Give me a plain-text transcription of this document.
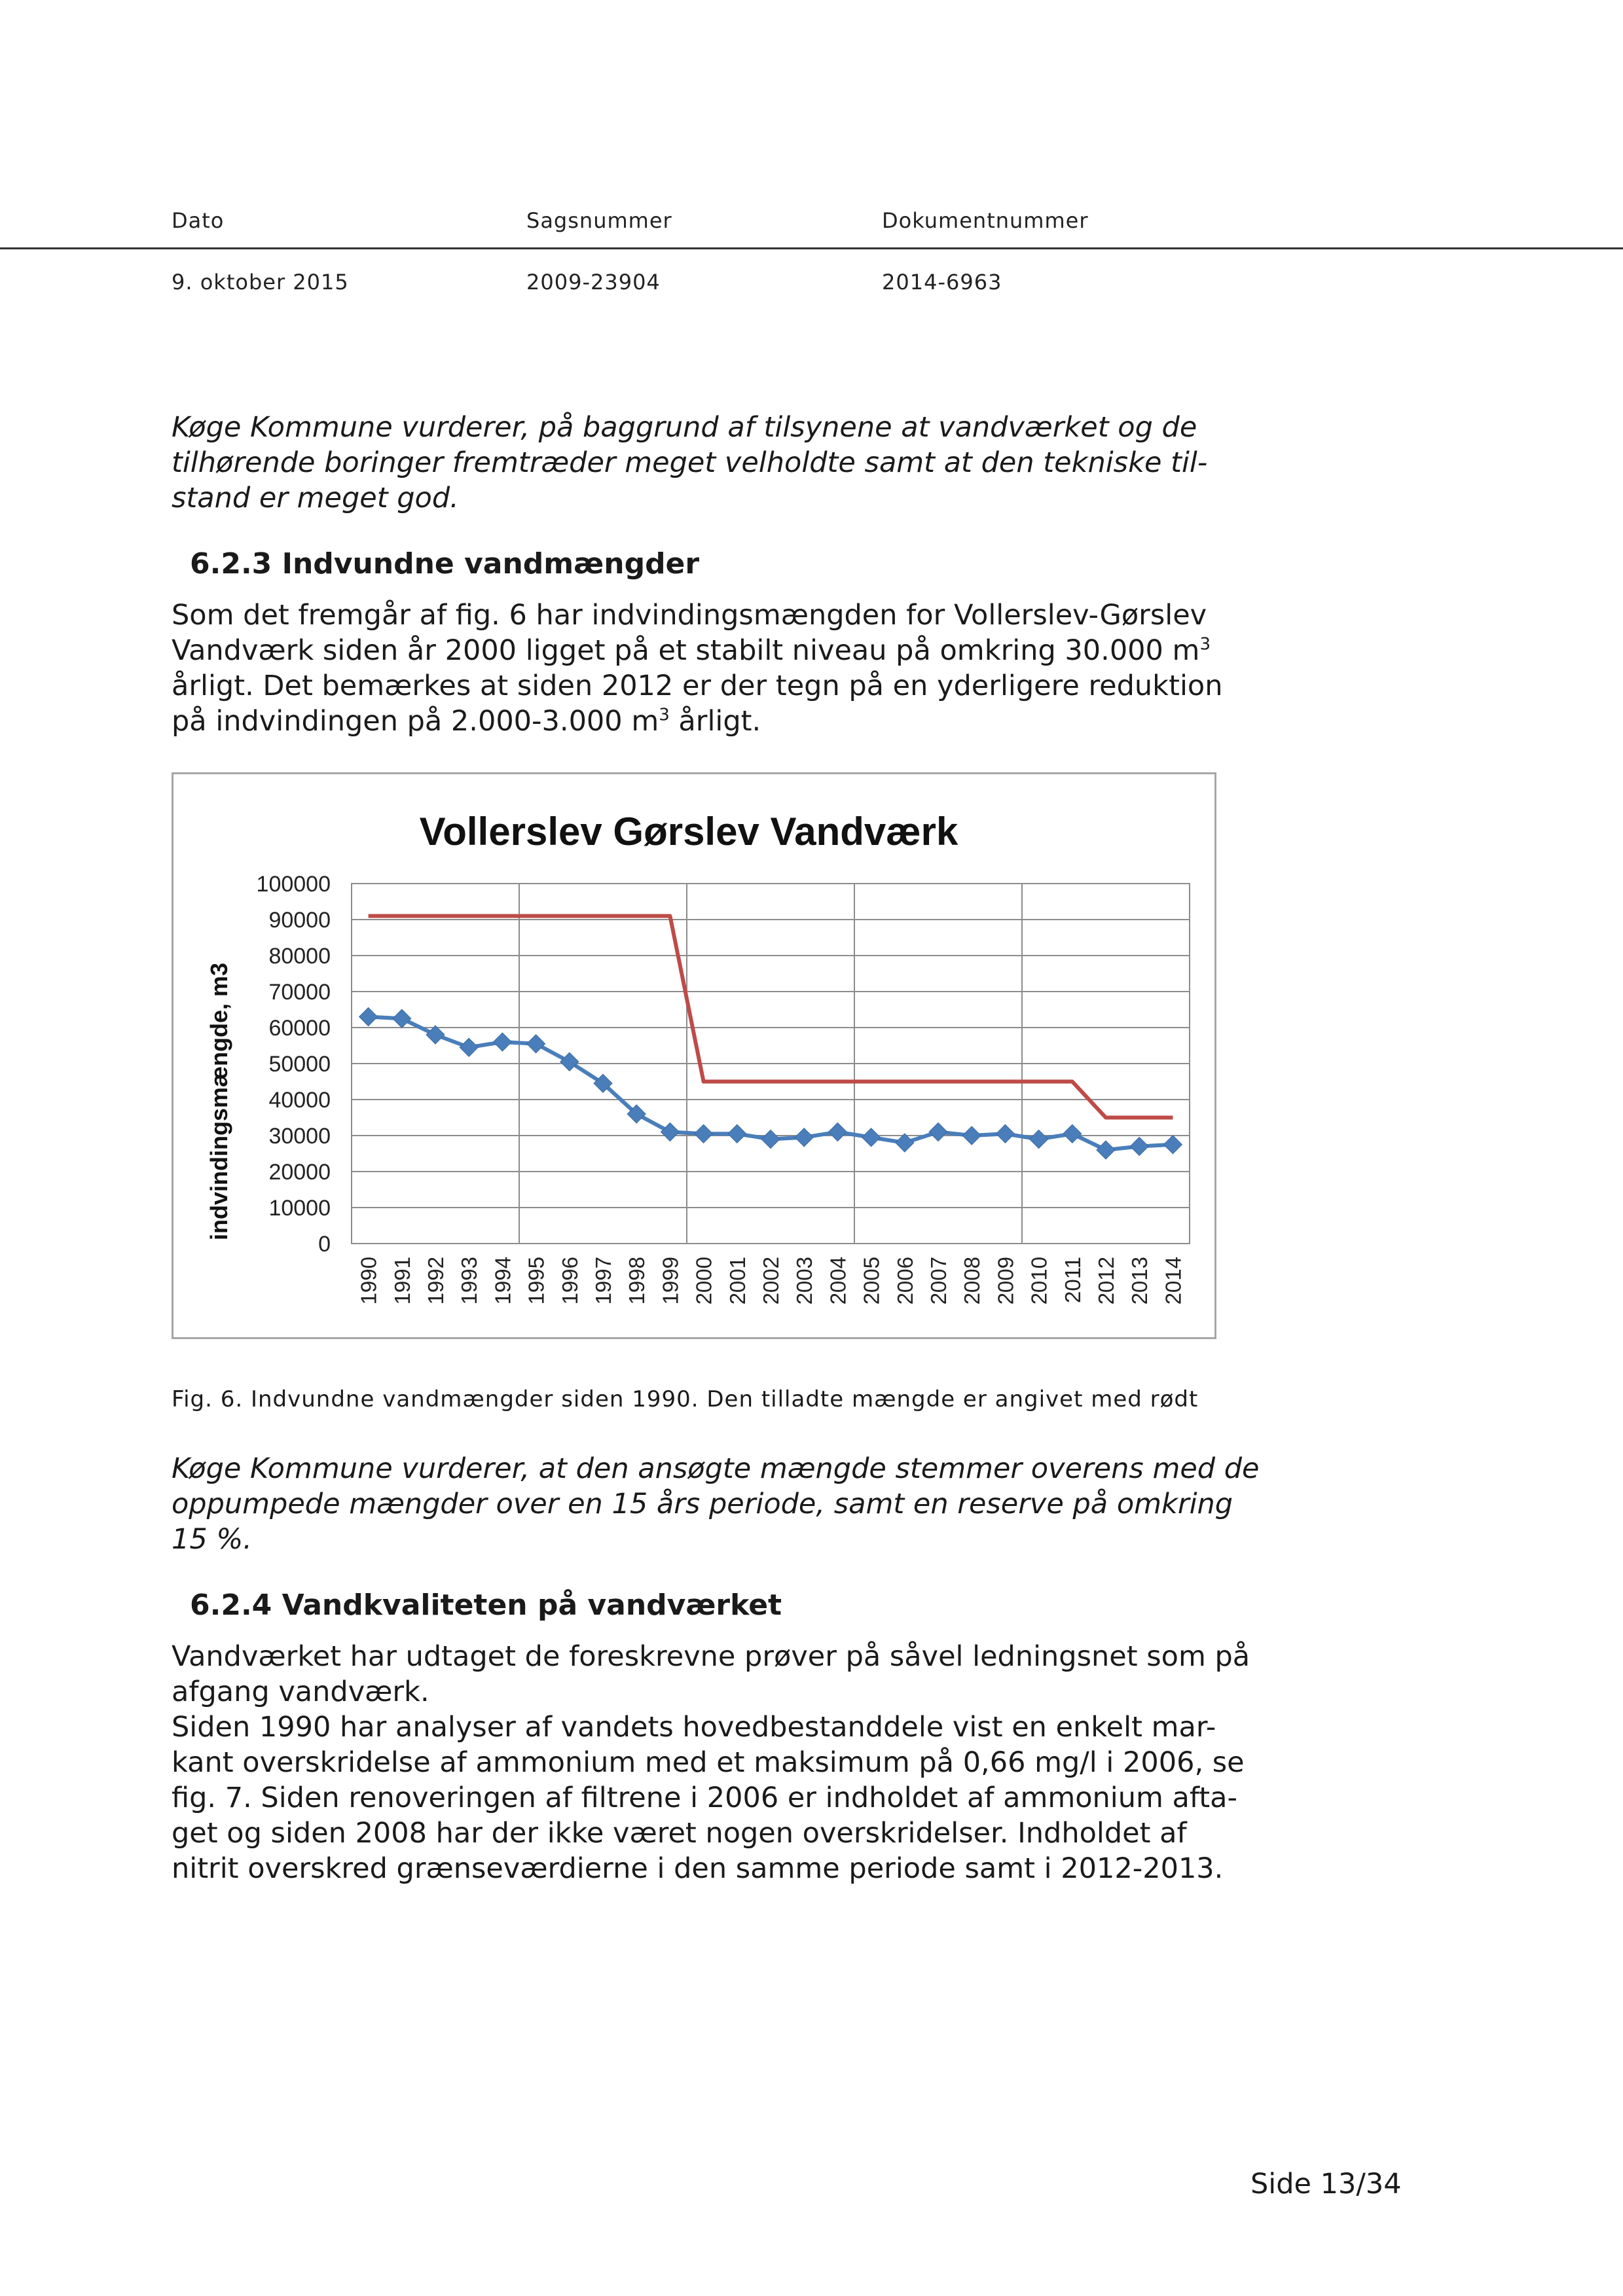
Dato	Sagsnummer	Dokumentnummer
9. oktober 2015	2009-23904	2014-6963
Køge Kommune vurderer, på baggrund af tilsynene at vandværket og de
tilhørende boringer fremtræder meget velholdte samt at den tekniske til-
stand er meget god.
6.2.3 Indvundne vandmængder
Som det fremgår af fig. 6 har indvindingsmængden for Vollerslev-Gørslev
Vandværk siden år 2000 ligget på et stabilt niveau på omkring 30.000 $m^3$
årligt. Det bemærkes at siden 2012 er der tegn på en yderligere reduktion
på indvindingen på 2.000-3.000 $m^3$ årligt.
0
10000
20000
30000
40000
50000
60000
70000
80000
90000
100000
1990 1991 1992 1993 1994 1995 1996 1997 1998 1999 2000 2001 2002 2003 2004 2005 2006 2007 2008 2009 2010 2011 2012 2013 2014
Vollerslev Gørslev Vandværk
indvindingsmængde, m3
Fig. 6. Indvundne vandmængder siden 1990. Den tilladte mængde er angivet med rødt
Køge Kommune vurderer, at den ansøgte mængde stemmer overens med de
oppumpede mængder over en 15 års periode, samt en reserve på omkring
15 %.
6.2.4 Vandkvaliteten på vandværket
Vandværket har udtaget de foreskrevne prøver på såvel ledningsnet som på
afgang vandværk.
Siden 1990 har analyser af vandets hovedbestanddele vist en enkelt mar-
kant overskridelse af ammonium med et maksimum på 0,66 mg/l i 2006, se
fig. 7. Siden renoveringen af filtrene i 2006 er indholdet af ammonium afta-
get og siden 2008 har der ikke været nogen overskridelser. Indholdet af
nitrit overskred grænseværdierne i den samme periode samt i 2012-2013.
Side 13/34
